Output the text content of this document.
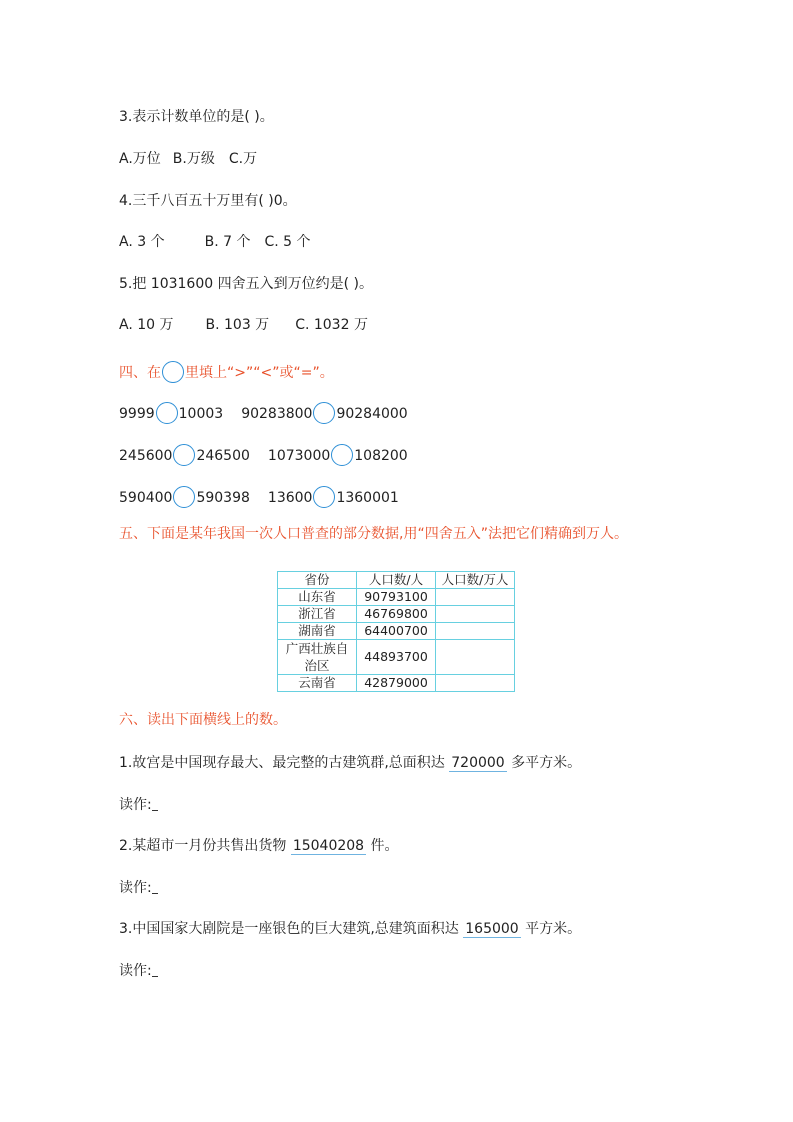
3.表示计数单位的是( )。
A.万位 B.万级 C.万
4.三千八百五十万里有( )0。
A. 3 个	B. 7 个 C. 5 个
5.把 1031600 四舍五入到万位约是( )。
A. 10 万 B. 103 万 C. 1032 万
四、在 里填上“>”“<”或“=”。
9999 10003 90283800 90284000
245600 246500 1073000 108200
590400 590398 13600 1360001
五、下面是某年我国一次人口普查的部分数据,用“四舍五入”法把它们精确到万人。
省份	人口数/人	人口数/万人
山东省	90793100	
浙江省	46769800	
湖南省	64400700	
广西壮族自治区	44893700	
云南省	42879000	
六、读出下面横线上的数。
1.故宫是中国现存最大、最完整的古建筑群,总面积达 720000 多平方米。
读作:
2.某超市一月份共售出货物 15040208 件。
读作:
3.中国国家大剧院是一座银色的巨大建筑,总建筑面积达 165000 平方米。
读作:
